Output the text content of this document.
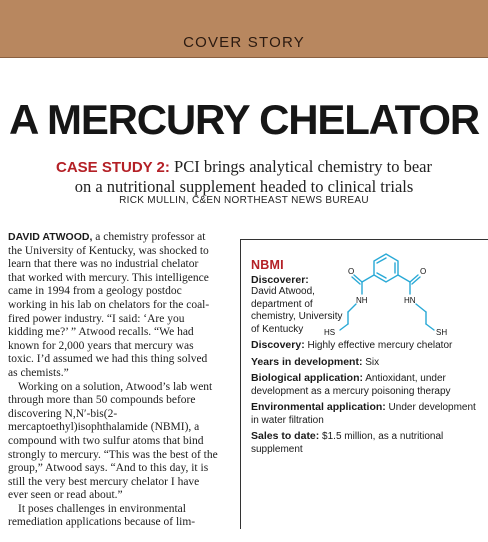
COVER STORY
A MERCURY CHELATOR
CASE STUDY 2: PCI brings analytical chemistry to bear
on a nutritional supplement headed to clinical trials
RICK MULLIN, C&EN NORTHEAST NEWS BUREAU

DAVID ATWOOD, a chemistry professor at the University of Kentucky, was shocked to learn that there was no industrial chelator that worked with mercury. This intelligence came in 1994 from a geology postdoc working in his lab on chelators for the coal-fired power industry. “I said: ‘Are you kidding me?’ ” Atwood recalls. “We had known for 2,000 years that mercury was toxic. I’d assumed we had this thing solved as chemists.”

Working on a solution, Atwood’s lab went through more than 50 compounds before discovering N,N′-bis(2-mercaptoethyl)isophthalamide (NBMI), a compound with two sulfur atoms that bind strongly to mercury. “This was the best of the group,” Atwood says. “And to this day, it is still the very best mercury chelator I have ever seen or read about.”

It poses challenges in environmental remediation applications because of lim-

NBMI
Discoverer:
David Atwood, department of chemistry, University of Kentucky
Discovery: Highly effective mercury chelator
Years in development: Six
Biological application: Antioxidant, under development as a mercury poisoning therapy
Environmental application: Under development in water filtration
Sales to date: $1.5 million, as a nutritional supplement
O	O
NH	HN
HS	SH
